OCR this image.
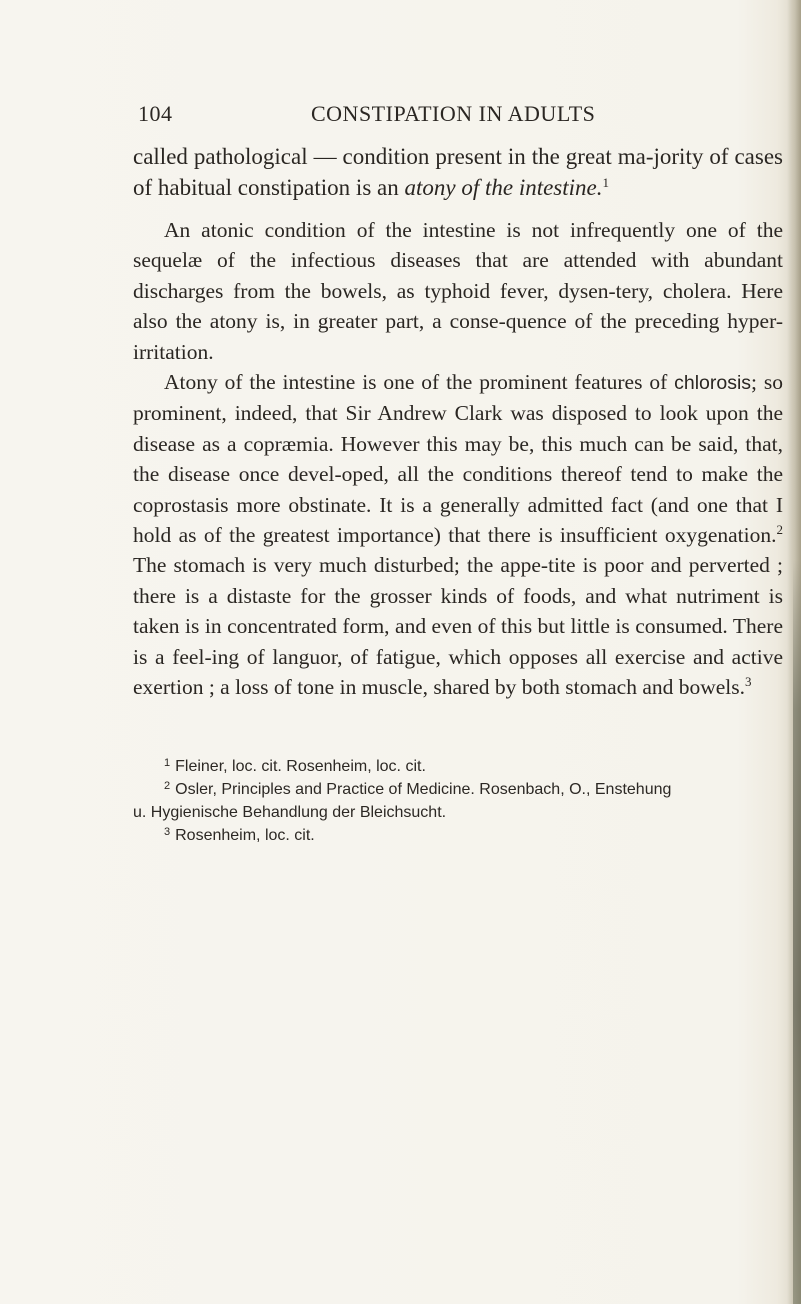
104	CONSTIPATION IN ADULTS

called pathological — condition present in the great ma-jority of cases of habitual constipation is an atony of the intestine.$^1$

An atonic condition of the intestine is not infrequently one of the sequelæ of the infectious diseases that are attended with abundant discharges from the bowels, as typhoid fever, dysen-tery, cholera. Here also the atony is, in greater part, a conse-quence of the preceding hyper-irritation.

Atony of the intestine is one of the prominent features of chlorosis; so prominent, indeed, that Sir Andrew Clark was disposed to look upon the disease as a copræmia. However this may be, this much can be said, that, the disease once devel-oped, all the conditions thereof tend to make the coprostasis more obstinate. It is a generally admitted fact (and one that I hold as of the greatest importance) that there is insufficient oxygenation.$^2$ The stomach is very much disturbed; the appe-tite is poor and perverted ; there is a distaste for the grosser kinds of foods, and what nutriment is taken is in concentrated form, and even of this but little is consumed. There is a feel-ing of languor, of fatigue, which opposes all exercise and active exertion ; a loss of tone in muscle, shared by both stomach and bowels.$^3$

$^1$ Fleiner, loc. cit. Rosenheim, loc. cit.

$^2$ Osler, Principles and Practice of Medicine. Rosenbach, O., Enstehung

u. Hygienische Behandlung der Bleichsucht.

$^3$ Rosenheim, loc. cit.
